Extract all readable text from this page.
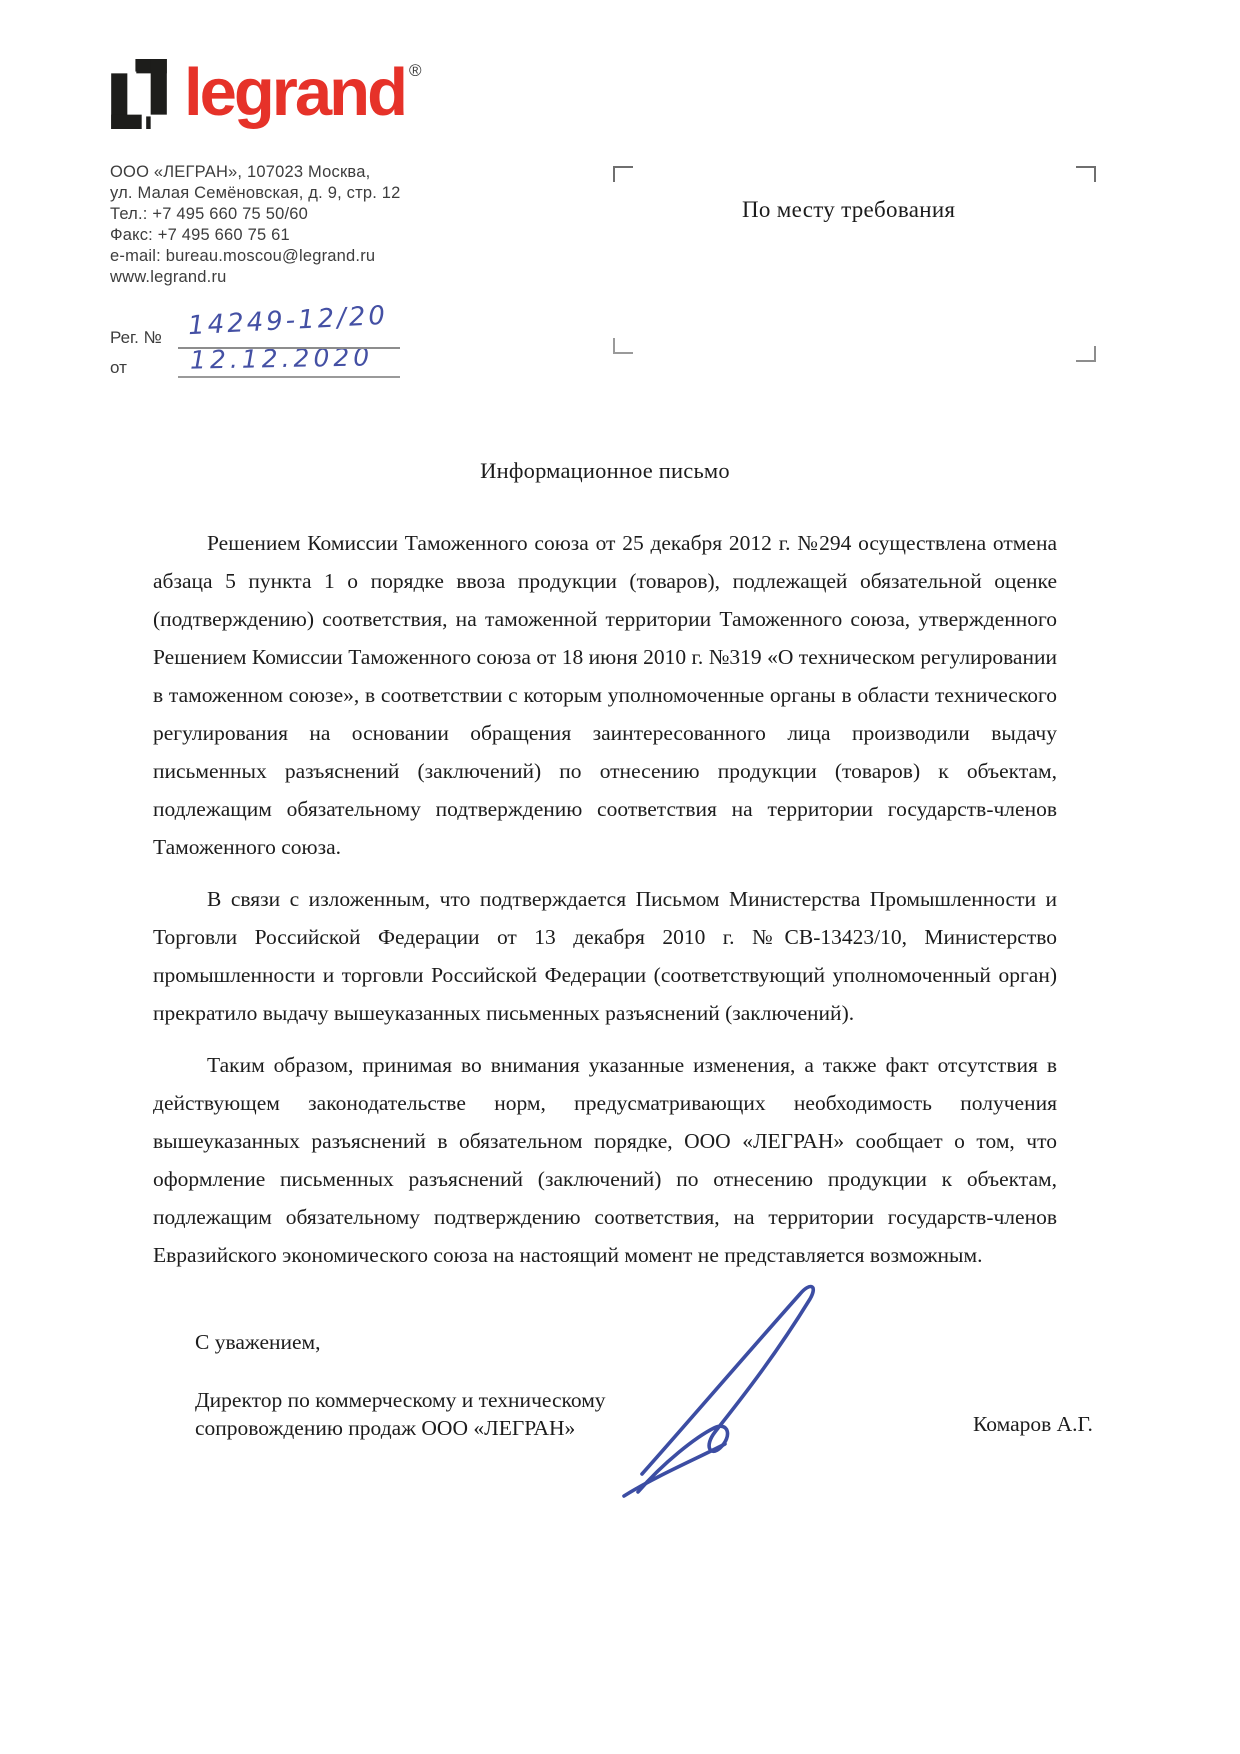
legrand ®
ООО «ЛЕГРАН», 107023 Москва,
ул. Малая Семёновская, д. 9, стр. 12
Тел.: +7 495 660 75 50/60
Факс: +7 495 660 75 61
e-mail: bureau.moscou@legrand.ru
www.legrand.ru
Рег. №
от
14249-12/20
12.12.2020
По месту требования
Информационное письмо

Решением Комиссии Таможенного союза от 25 декабря 2012 г. №294 осуществлена отмена абзаца 5 пункта 1 о порядке ввоза продукции (товаров), подлежащей обязательной оценке (подтверждению) соответствия, на таможенной территории Таможенного союза, утвержденного Решением Комиссии Таможенного союза от 18 июня 2010 г. №319 «О техническом регулировании в таможенном союзе», в соответствии с которым уполномоченные органы в области технического регулирования на основании обращения заинтересованного лица производили выдачу письменных разъяснений (заключений) по отнесению продукции (товаров) к объектам, подлежащим обязательному подтверждению соответствия на территории государств-членов Таможенного союза.

В связи с изложенным, что подтверждается Письмом Министерства Промышленности и Торговли Российской Федерации от 13 декабря 2010 г. №СВ-13423/10, Министерство промышленности и торговли Российской Федерации (соответствующий уполномоченный орган) прекратило выдачу вышеуказанных письменных разъяснений (заключений).

Таким образом, принимая во внимания указанные изменения, а также факт отсутствия в действующем законодательстве норм, предусматривающих необходимость получения вышеуказанных разъяснений в обязательном порядке, ООО «ЛЕГРАН» сообщает о том, что оформление письменных разъяснений (заключений) по отнесению продукции к объектам, подлежащим обязательному подтверждению соответствия, на территории государств-членов Евразийского экономического союза на настоящий момент не представляется возможным.

С уважением,
Директор по коммерческому и техническому
сопровождению продаж ООО «ЛЕГРАН»	Комаров А.Г.
